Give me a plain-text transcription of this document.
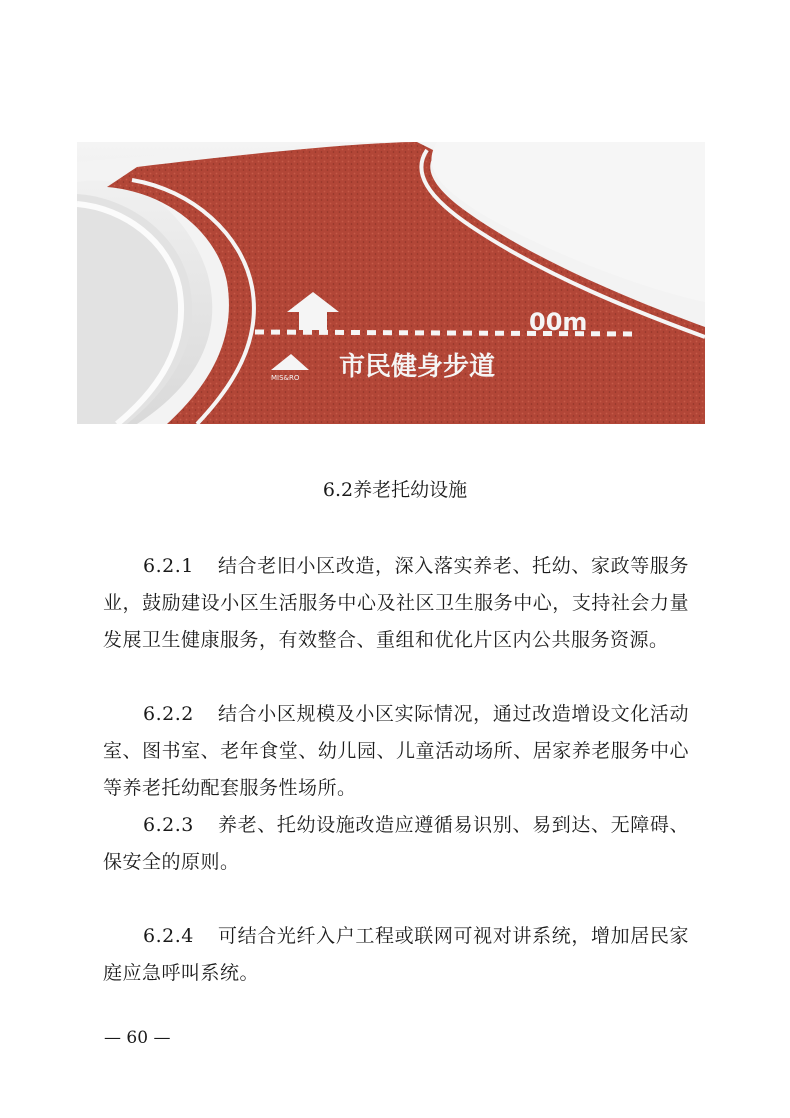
00m
MIS&RO 市民健身步道
6.2养老托幼设施

6.2.1 结合老旧小区改造，深入落实养老、托幼、家政等服务业，鼓励建设小区生活服务中心及社区卫生服务中心，支持社会力量发展卫生健康服务，有效整合、重组和优化片区内公共服务资源。

6.2.2 结合小区规模及小区实际情况，通过改造增设文化活动室、图书室、老年食堂、幼儿园、儿童活动场所、居家养老服务中心等养老托幼配套服务性场所。

6.2.3 养老、托幼设施改造应遵循易识别、易到达、无障碍、保安全的原则。

6.2.4 可结合光纤入户工程或联网可视对讲系统，增加居民家庭应急呼叫系统。

— 60 —
